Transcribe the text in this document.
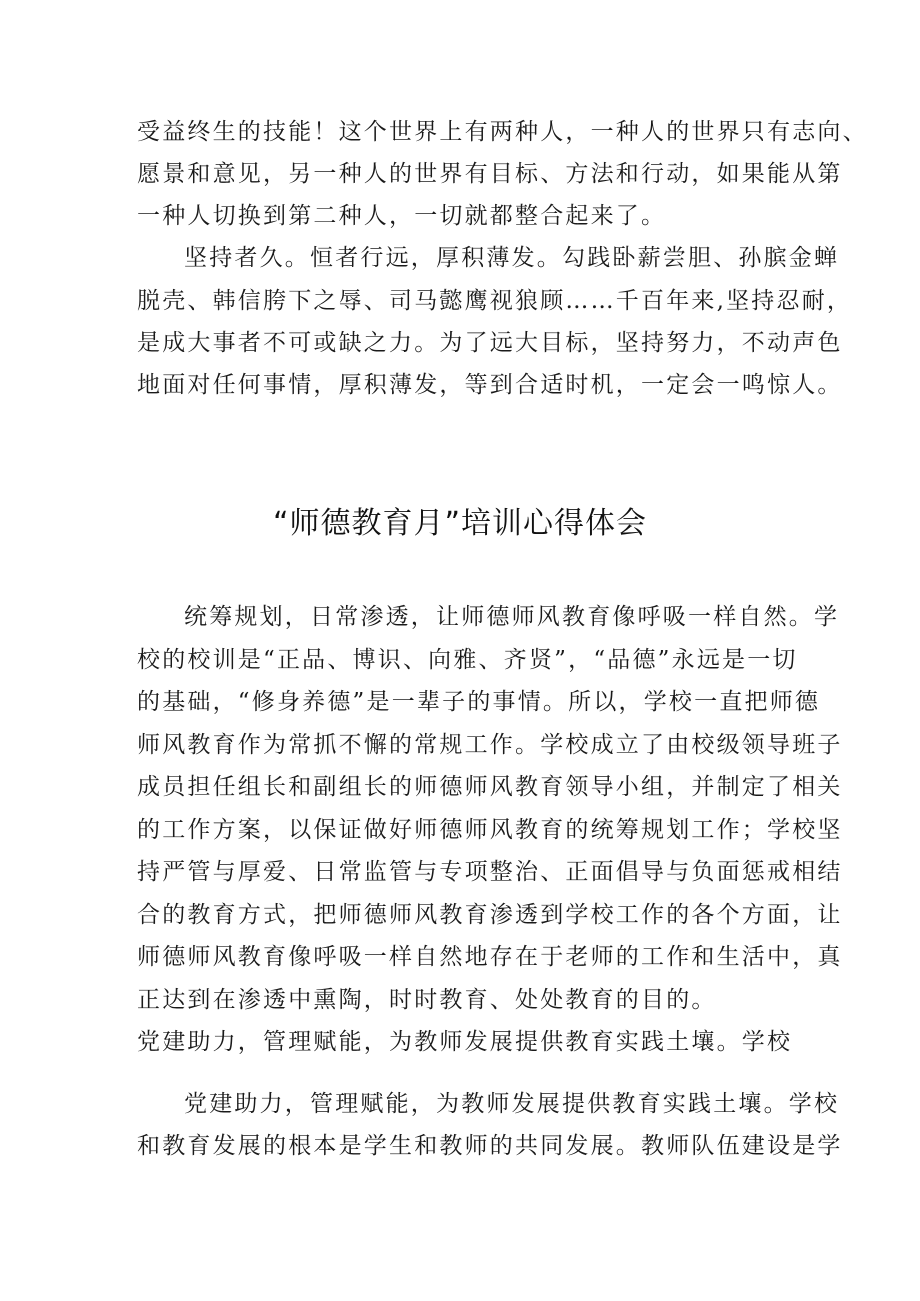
受益终生的技能！这个世界上有两种人，一种人的世界只有志向、
愿景和意见，另一种人的世界有目标、方法和行动，如果能从第
一种人切换到第二种人，一切就都整合起来了。
坚持者久。恒者行远，厚积薄发。勾践卧薪尝胆、孙膑金蝉
脱壳、韩信胯下之辱、司马懿鹰视狼顾……千百年来,坚持忍耐，
是成大事者不可或缺之力。为了远大目标，坚持努力，不动声色
地面对任何事情，厚积薄发，等到合适时机，一定会一鸣惊人。
“师德教育月”培训心得体会
统筹规划，日常渗透，让师德师风教育像呼吸一样自然。学
校的校训是“正品、博识、向雅、齐贤”，“品德”永远是一切
的基础，“修身养德”是一辈子的事情。所以，学校一直把师德
师风教育作为常抓不懈的常规工作。学校成立了由校级领导班子
成员担任组长和副组长的师德师风教育领导小组，并制定了相关
的工作方案，以保证做好师德师风教育的统筹规划工作；学校坚
持严管与厚爱、日常监管与专项整治、正面倡导与负面惩戒相结
合的教育方式，把师德师风教育渗透到学校工作的各个方面，让
师德师风教育像呼吸一样自然地存在于老师的工作和生活中，真
正达到在渗透中熏陶，时时教育、处处教育的目的。
党建助力，管理赋能，为教师发展提供教育实践土壤。学校
党建助力，管理赋能，为教师发展提供教育实践土壤。学校
和教育发展的根本是学生和教师的共同发展。教师队伍建设是学
